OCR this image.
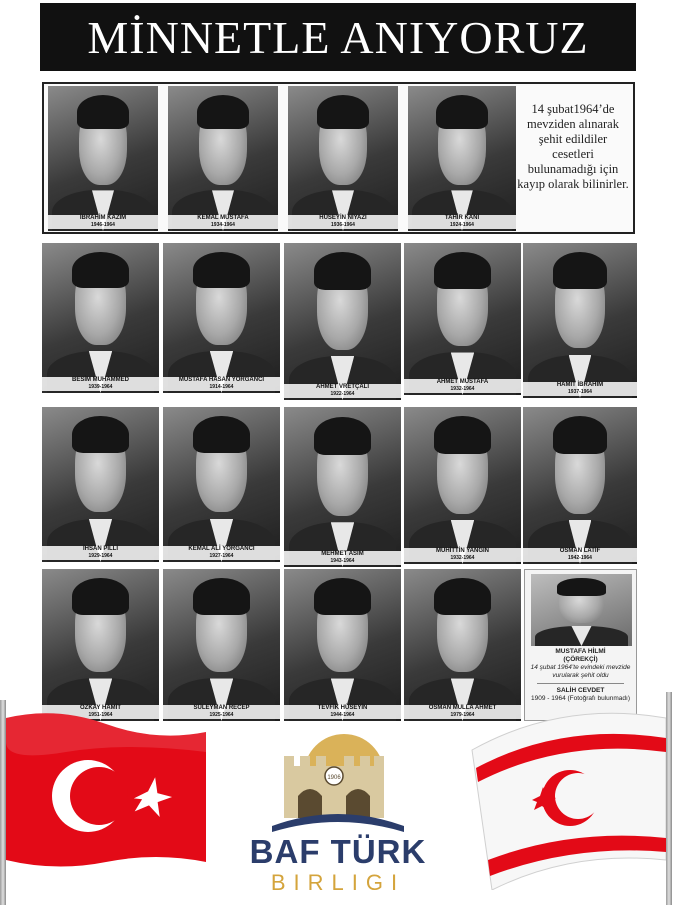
MİNNETLE ANIYORUZ
İBRAHİM KAZIM
1946-1964
KEMAL MUSTAFA
1934-1964
HÜSEYİN NİYAZİ
1936-1964
TAHİR KANİ
1924-1964
14 şubat1964’de mevziden alınarak şehit edildiler cesetleri bulunamadığı için kayıp olarak bilinirler.
BESİM MUHAMMED
1939-1964
MUSTAFA HASAN YORGANCI
1914-1964	AHMET VRETÇALI
1922-1964
AHMET MUSTAFA
1932-1964
HAMİT İBRAHİM
1937-1964
İHSAN PİLLİ
1929-1964
KEMAL ALİ YORGANCI
1927-1964	MEHMET ASIM
1943-1964
MUHİTTİN YANGIN
1932-1964
OSMAN LATİF
1942-1964
ÖZKAY HAMİT
1951-1964
SÜLEYMAN RECEP
1925-1964
TEVFİK HÜSEYİN
1944-1964
OSMAN MULLA AHMET
1979-1964
MUSTAFA HİLMİ
(ÇÖREKÇİ)
14 şubat 1964’te evindeki mevzide vurularak şehit oldu
SALİH CEVDET
1909 - 1964 (Fotoğrafı bulunmadı)
1906
BAF TÜRK
BIRLIGI
